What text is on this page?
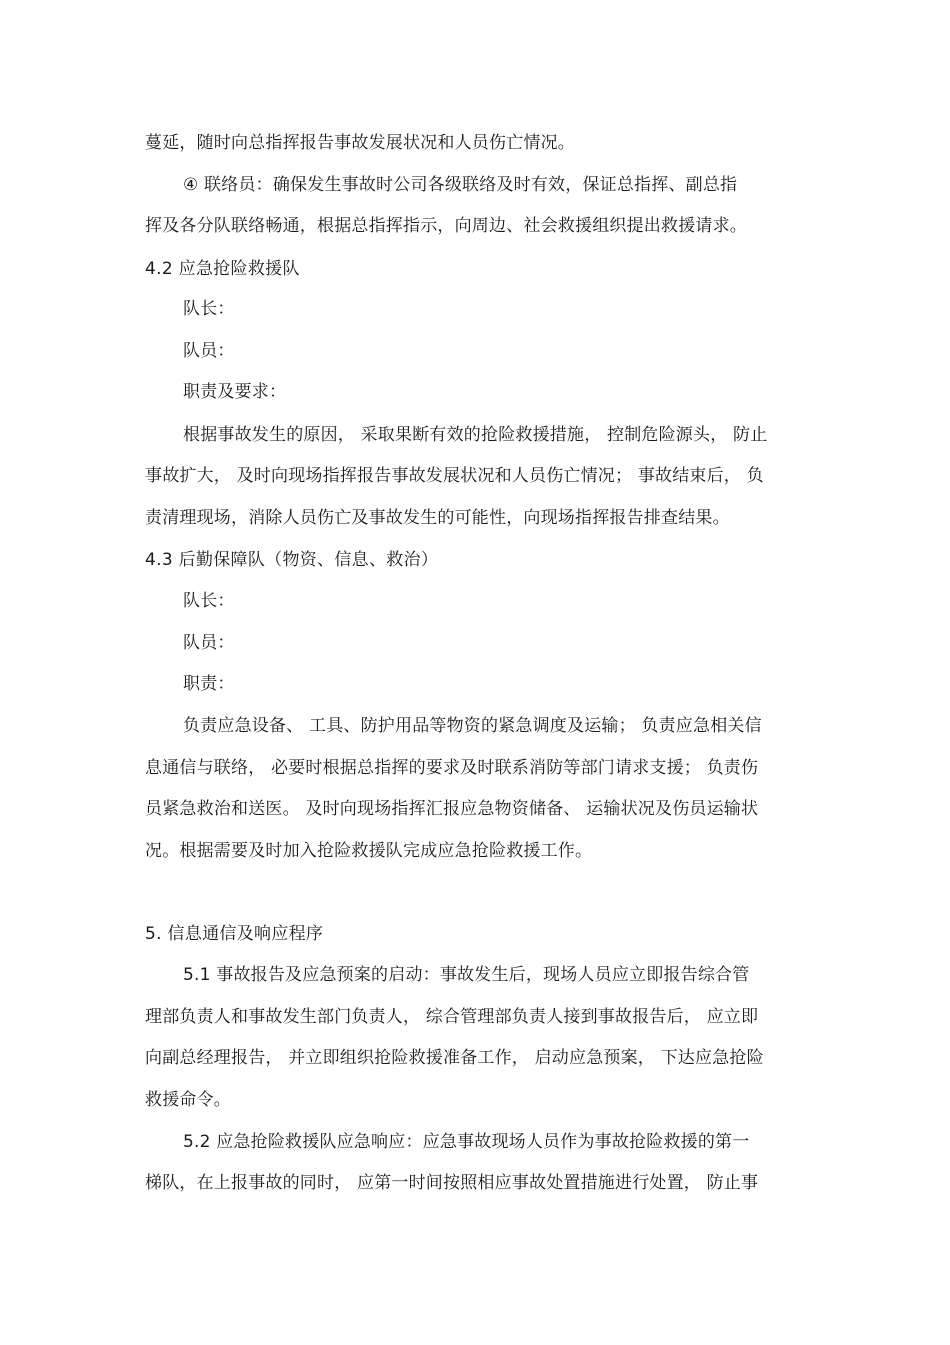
蔓延，随时向总指挥报告事故发展状况和人员伤亡情况。
④ 联络员：确保发生事故时公司各级联络及时有效，保证总指挥、副总指
挥及各分队联络畅通，根据总指挥指示，向周边、社会救援组织提出救援请求。
4.2 应急抢险救援队
队长：
队员：
职责及要求：
根据事故发生的原因， 采取果断有效的抢险救援措施， 控制危险源头， 防止
事故扩大， 及时向现场指挥报告事故发展状况和人员伤亡情况； 事故结束后， 负
责清理现场，消除人员伤亡及事故发生的可能性，向现场指挥报告排查结果。
4.3 后勤保障队（物资、信息、救治）
队长：
队员：
职责：
负责应急设备、 工具、防护用品等物资的紧急调度及运输； 负责应急相关信
息通信与联络， 必要时根据总指挥的要求及时联系消防等部门请求支援； 负责伤
员紧急救治和送医。 及时向现场指挥汇报应急物资储备、 运输状况及伤员运输状
况。根据需要及时加入抢险救援队完成应急抢险救援工作。
5. 信息通信及响应程序
5.1 事故报告及应急预案的启动：事故发生后，现场人员应立即报告综合管
理部负责人和事故发生部门负责人， 综合管理部负责人接到事故报告后， 应立即
向副总经理报告， 并立即组织抢险救援准备工作， 启动应急预案， 下达应急抢险
救援命令。
5.2 应急抢险救援队应急响应：应急事故现场人员作为事故抢险救援的第一
梯队，在上报事故的同时， 应第一时间按照相应事故处置措施进行处置， 防止事
